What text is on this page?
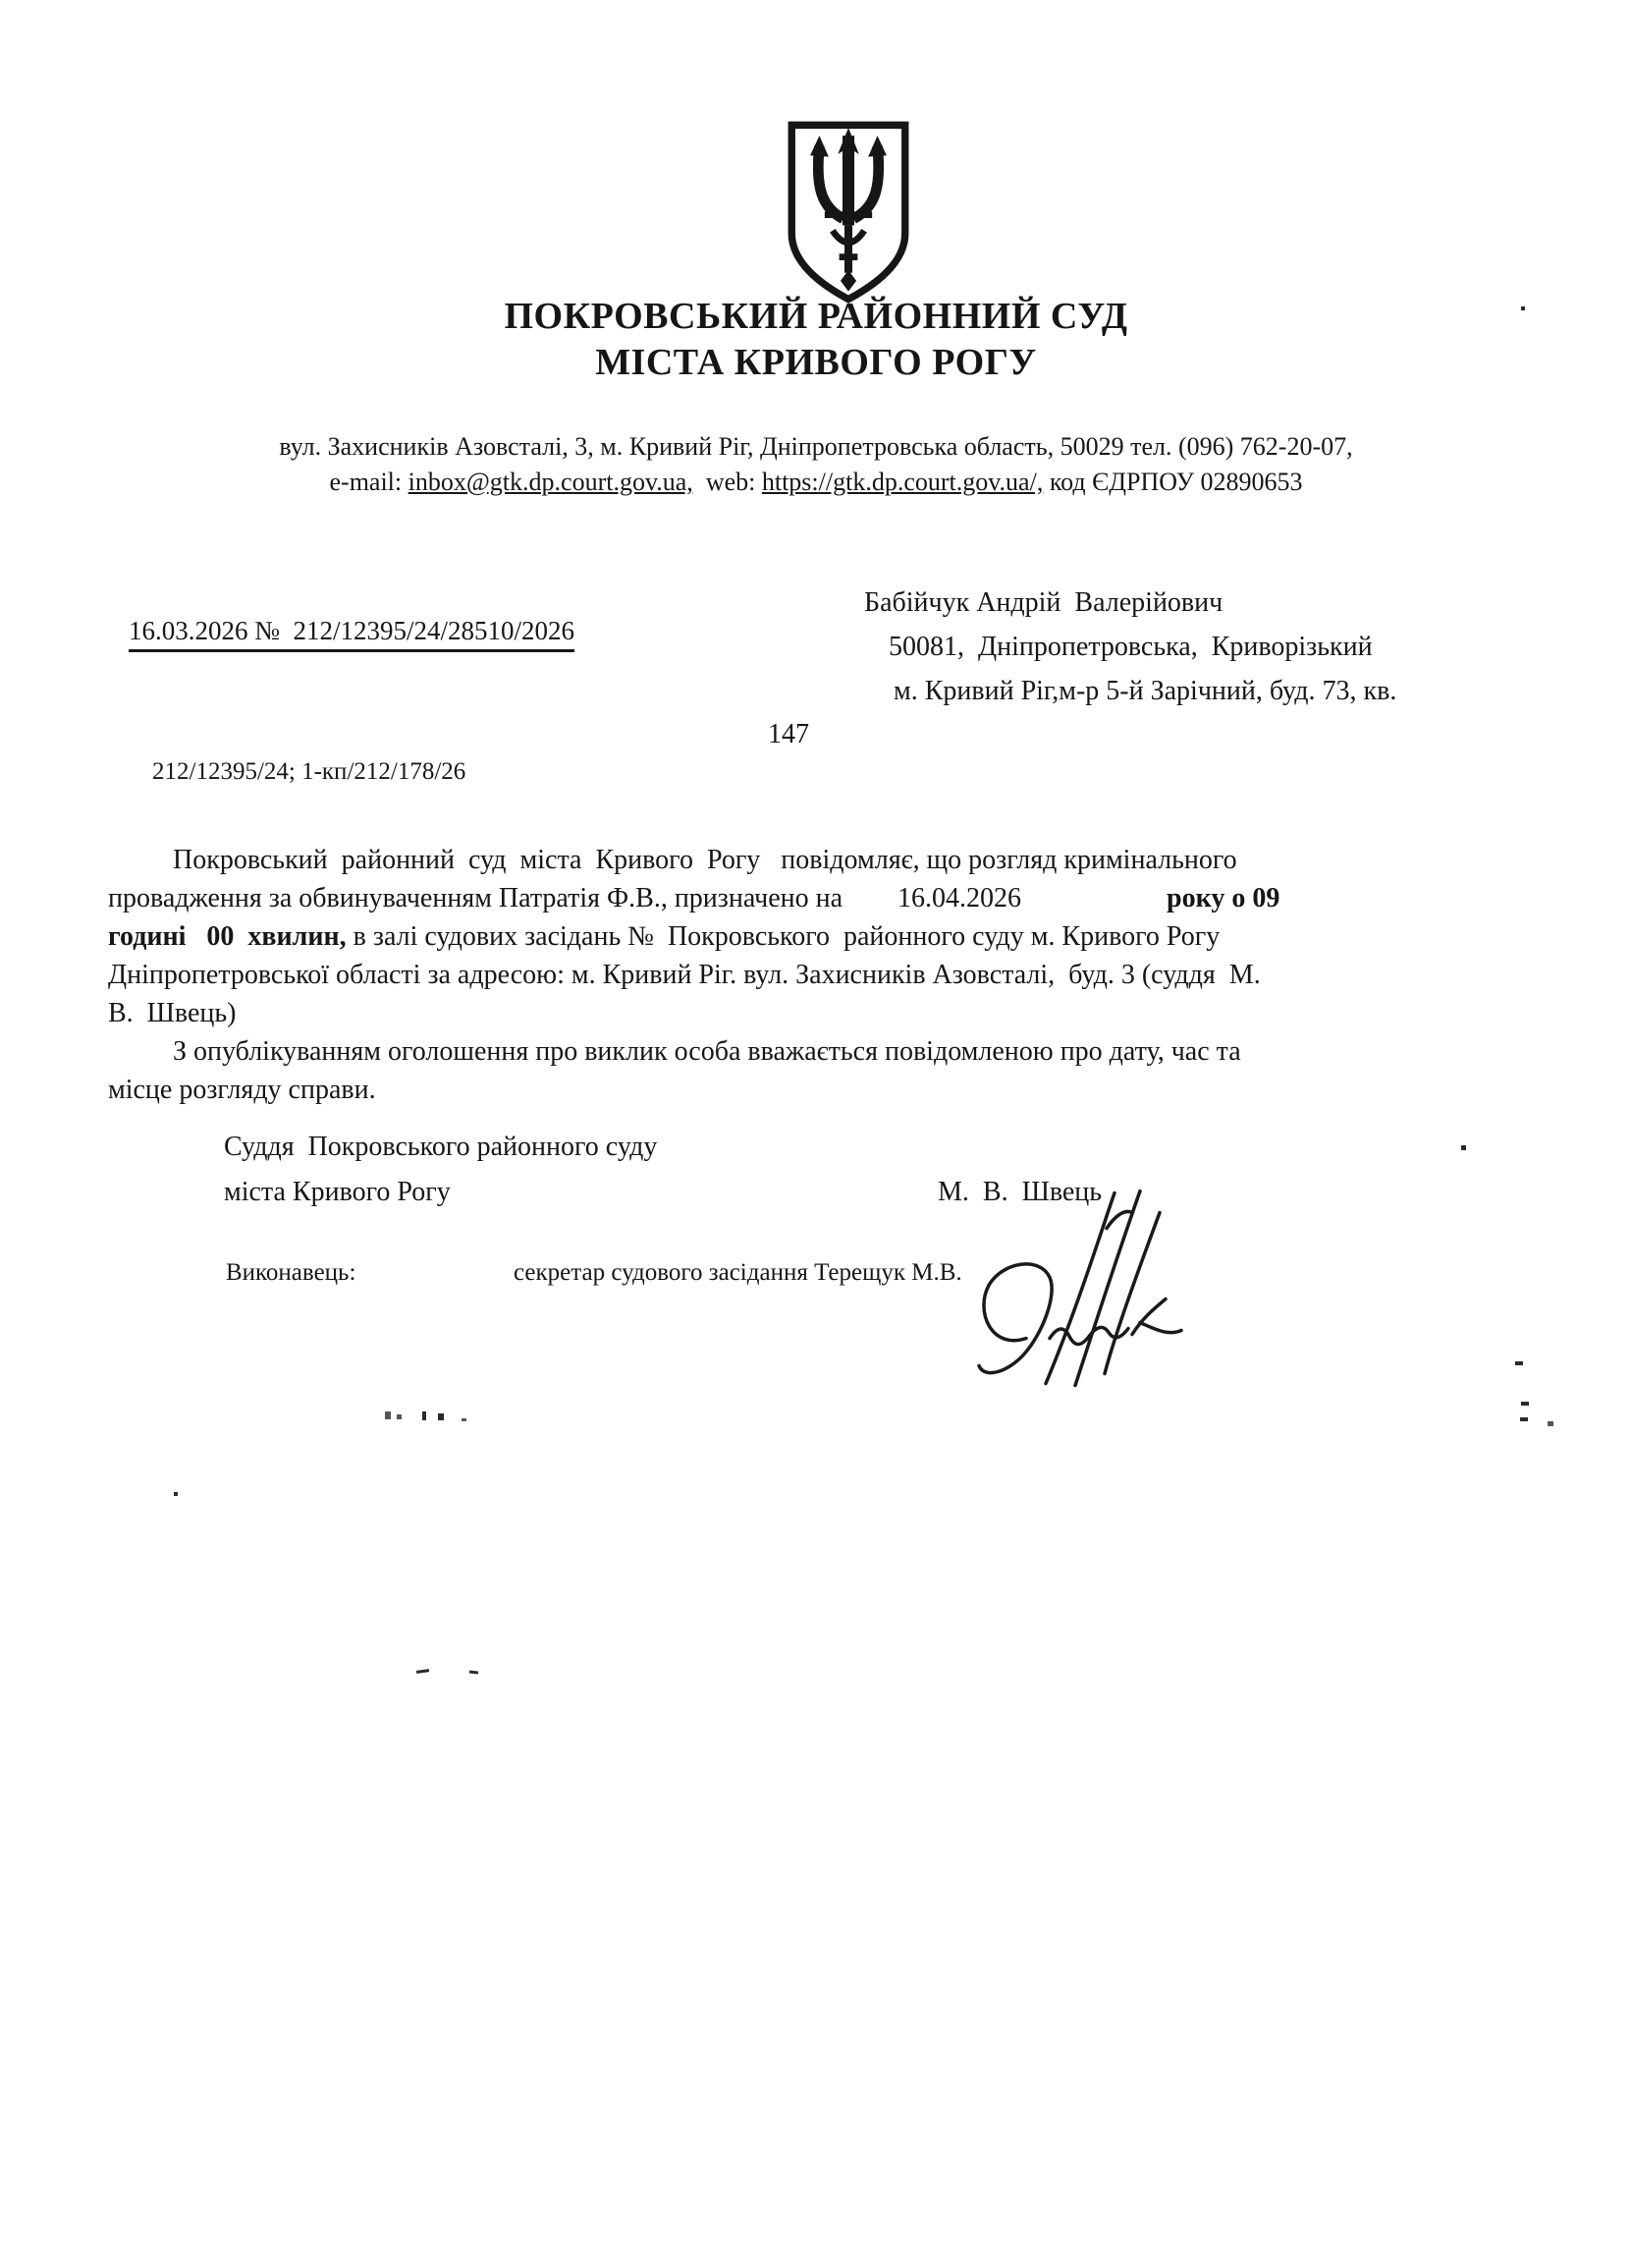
ПОКРОВСЬКИЙ РАЙОННИЙ СУД
МІСТА КРИВОГО РОГУ
вул. Захисників Азовсталі, 3, м. Кривий Ріг, Дніпропетровська область, 50029 тел. (096) 762-20-07,
e-mail: inbox@gtk.dp.court.gov.ua,  web: https://gtk.dp.court.gov.ua/, код ЄДРПОУ 02890653

16.03.2026 №  212/12395/24/28510/2026

Бабійчук Андрій  Валерійович
50081,  Дніпропетровська,  Криворізький
м. Кривий Ріг,м-р 5-й Зарічний, буд. 73, кв.
147
212/12395/24; 1-кп/212/178/26
Покровський  районний  суд  міста  Кривого  Рогу   повідомляє, що розгляд кримінального
провадження за обвинуваченням Патратія Ф.В., призначено на        16.04.2026	року о 09
годині   00  хвилин, в залі судових засідань №  Покровського  районного суду м. Кривого Рогу
Дніпропетровської області за адресою: м. Кривий Ріг. вул. Захисників Азовсталі,  буд. 3 (суддя  М.
В.  Швець)
З опублікуванням оголошення про виклик особа вважається повідомленою про дату, час та
місце розгляду справи.
Суддя  Покровського районного суду
міста Кривого Рогу	М.  В.  Швець
Виконавець:	секретар судового засідання Терещук М.В.
